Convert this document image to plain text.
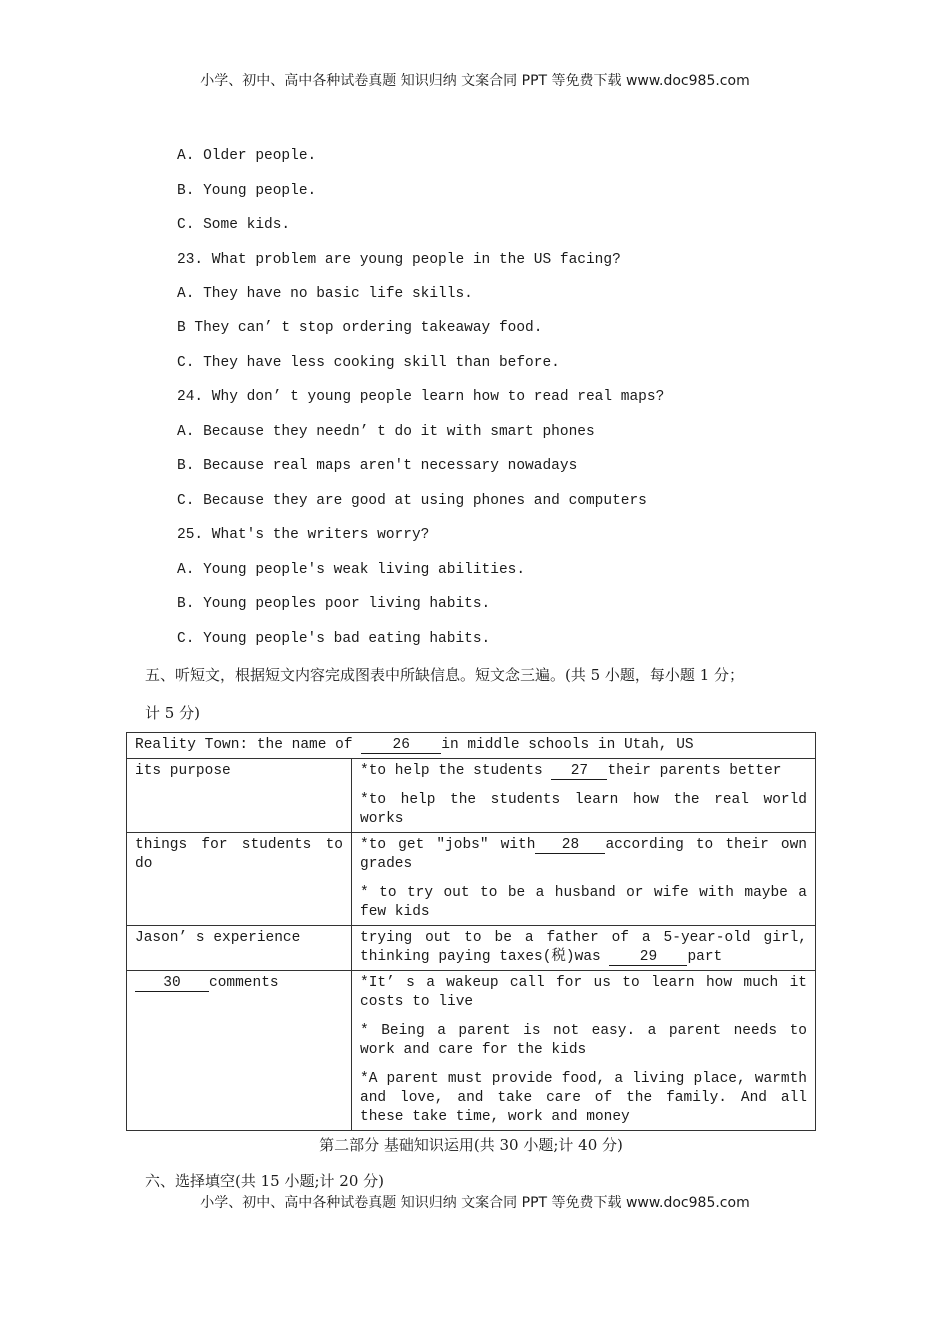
小学、初中、高中各种试卷真题 知识归纳 文案合同 PPT 等免费下载 www.doc985.com
A. Older people.
B. Young people.
C. Some kids.
23. What problem are young people in the US facing?
A. They have no basic life skills.
B They can’ t stop ordering takeaway food.
C. They have less cooking skill than before.
24. Why don’ t young people learn how to read real maps?
A. Because they needn’ t do it with smart phones
B. Because real maps aren't necessary nowadays
C. Because they are good at using phones and computers
25. What's the writers worry?
A. Young people's weak living abilities.
B. Young peoples poor living habits.
C. Young people's bad eating habits.
五、听短文，根据短文内容完成图表中所缺信息。短文念三遍。(共 5 小题，每小题 1 分；
计 5 分)
Reality Town: the name of 26 in middle schools in Utah, US	
its purpose	*to help the students 27 their parents better

*to help the students learn how the real world works

things for students to do	*to get "jobs" with 28 according to their own grades

* to try out to be a husband or wife with maybe a few kids

Jason’ s experience	trying out to be a father of a 5-year-old girl, thinking paying taxes(税)was 29 part

30 comments	*It’ s a wakeup call for us to learn how much it costs to live

* Being a parent is not easy. a parent needs to work and care for the kids

*A parent must provide food, a living place, warmth and love, and take care of the family. And all these take time, work and money

第二部分 基础知识运用(共 30 小题;计 40 分)
六、选择填空(共 15 小题;计 20 分)
小学、初中、高中各种试卷真题 知识归纳 文案合同 PPT 等免费下载 www.doc985.com
